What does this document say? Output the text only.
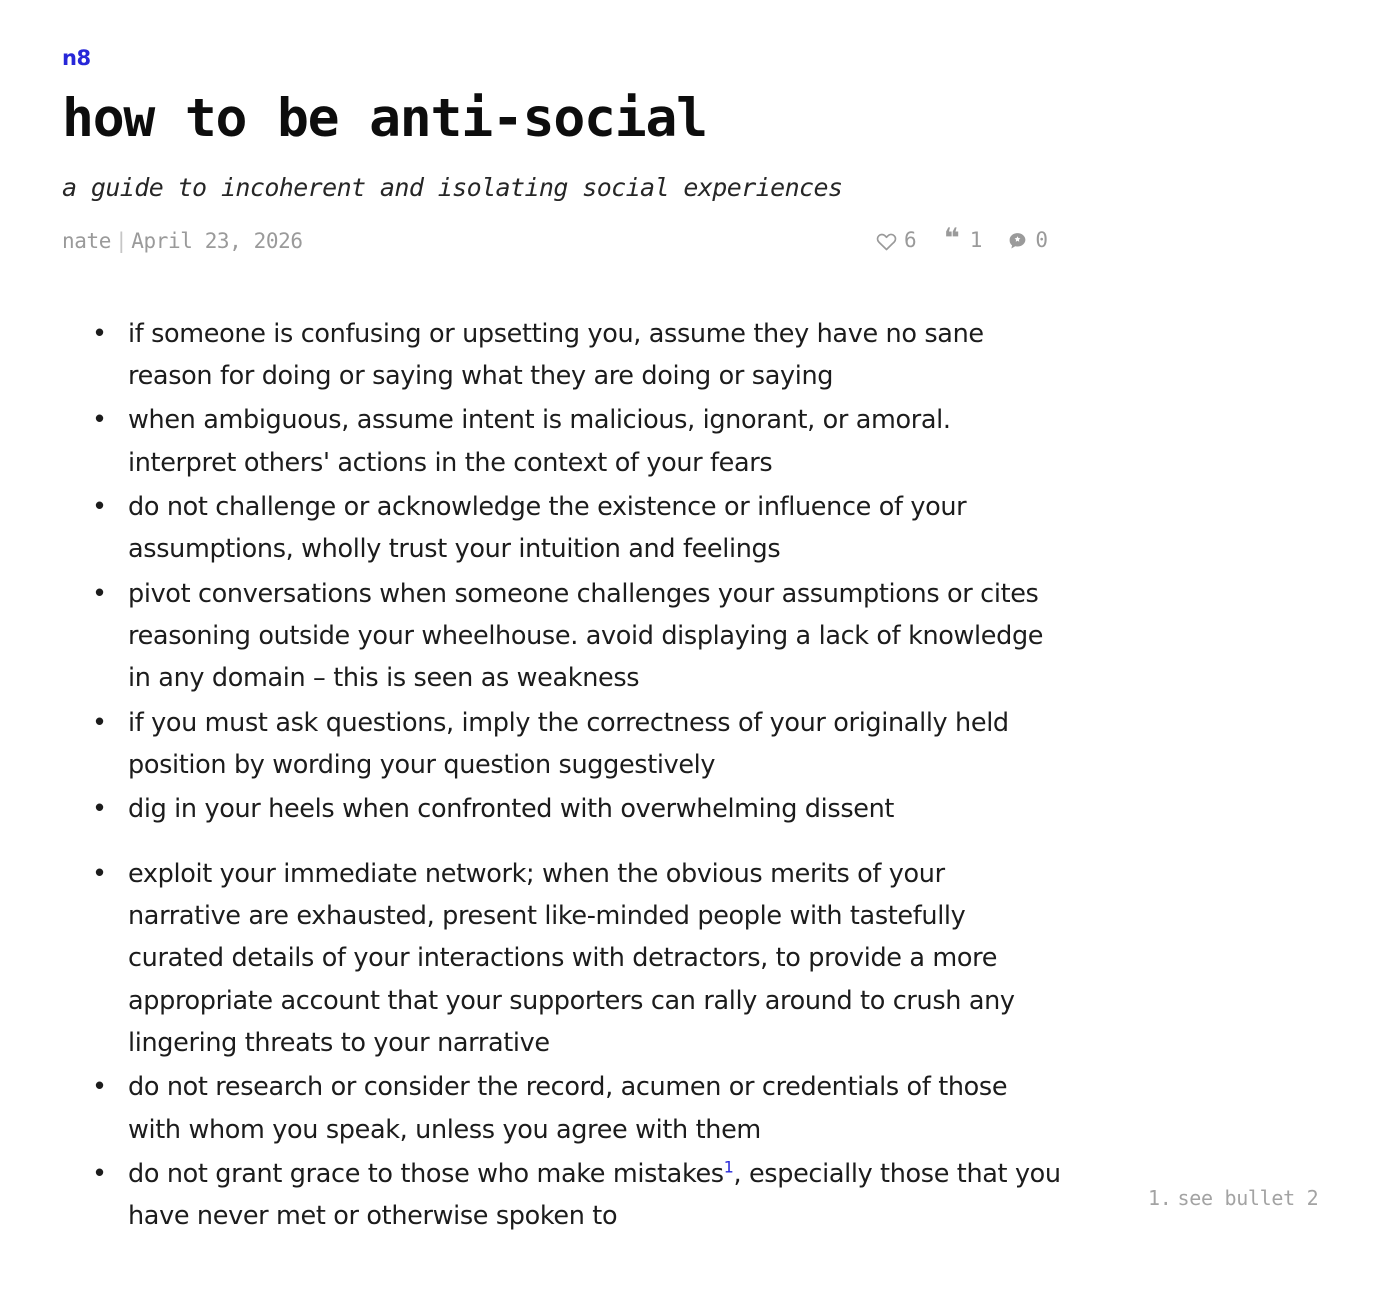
n8
how to be anti-social
a guide to incoherent and isolating social experiences
nate | April 23, 2026	6 ❝ 1	0
• if someone is confusing or upsetting you, assume they have no sane reason for doing or saying what they are doing or saying
• when ambiguous, assume intent is malicious, ignorant, or amoral. interpret others' actions in the context of your fears
• do not challenge or acknowledge the existence or influence of your assumptions, wholly trust your intuition and feelings
• pivot conversations when someone challenges your assumptions or cites reasoning outside your wheelhouse. avoid displaying a lack of knowledge in any domain – this is seen as weakness
• if you must ask questions, imply the correctness of your originally held position by wording your question suggestively
• dig in your heels when confronted with overwhelming dissent
• exploit your immediate network; when the obvious merits of your narrative are exhausted, present like-minded people with tastefully curated details of your interactions with detractors, to provide a more appropriate account that your supporters can rally around to crush any lingering threats to your narrative
• do not research or consider the record, acumen or credentials of those with whom you speak, unless you agree with them
• do not grant grace to those who make mistakes$^1$, especially those that you have never met or otherwise spoken to
1. see bullet 2
